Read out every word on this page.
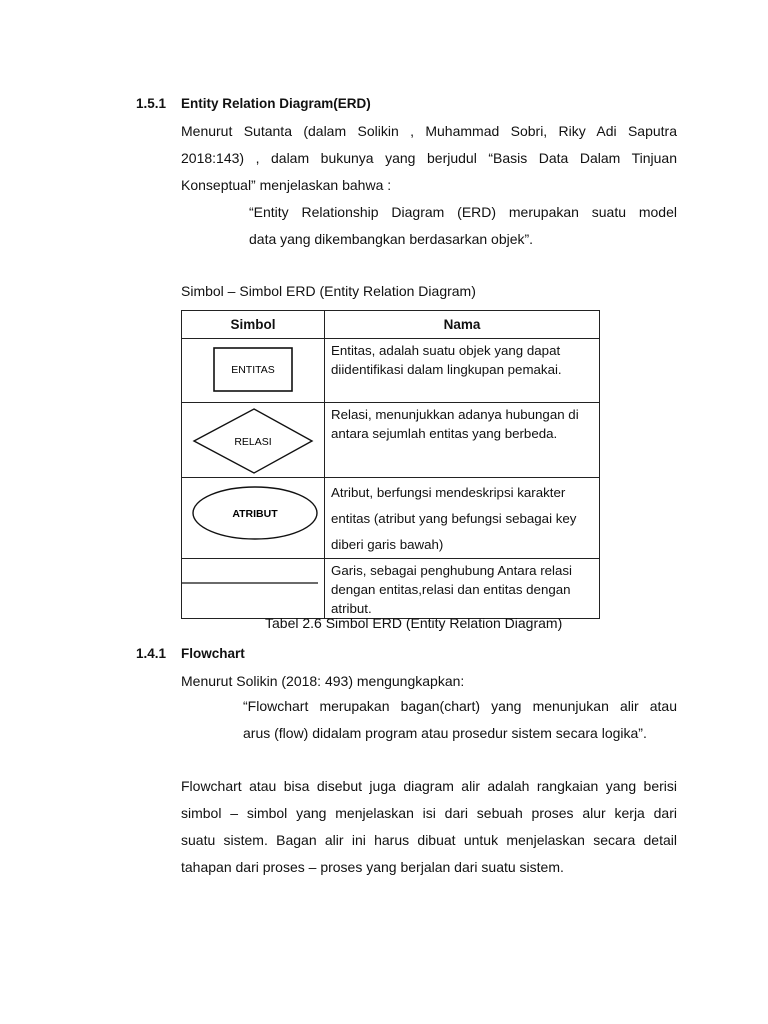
1.5.1 Entity Relation Diagram(ERD)
Menurut Sutanta (dalam Solikin , Muhammad Sobri, Riky Adi Saputra
2018:143) , dalam bukunya yang berjudul “Basis Data Dalam Tinjuan
Konseptual” menjelaskan bahwa :
“Entity Relationship Diagram (ERD) merupakan suatu model
data yang dikembangkan berdasarkan objek”.
Simbol – Simbol ERD (Entity Relation Diagram)
Simbol	Nama

ENTITAS	Entitas, adalah suatu objek yang dapat diidentifikasi dalam lingkupan pemakai.

RELASI	Relasi, menunjukkan adanya hubungan di antara sejumlah entitas yang berbeda.

ATRIBUT	Atribut, berfungsi mendeskripsi karakter entitas (atribut yang befungsi sebagai key diberi garis bawah)

	Garis, sebagai penghubung Antara relasi dengan entitas,relasi dan entitas dengan atribut.
Tabel 2.6 Simbol ERD (Entity Relation Diagram)
1.4.1 Flowchart
Menurut Solikin (2018: 493) mengungkapkan:
“Flowchart merupakan bagan(chart) yang menunjukan alir atau
arus (flow) didalam program atau prosedur sistem secara logika”.
Flowchart atau bisa disebut juga diagram alir adalah rangkaian yang berisi
simbol – simbol yang menjelaskan isi dari sebuah proses alur kerja dari
suatu sistem. Bagan alir ini harus dibuat untuk menjelaskan secara detail
tahapan dari proses – proses yang berjalan dari suatu sistem.
